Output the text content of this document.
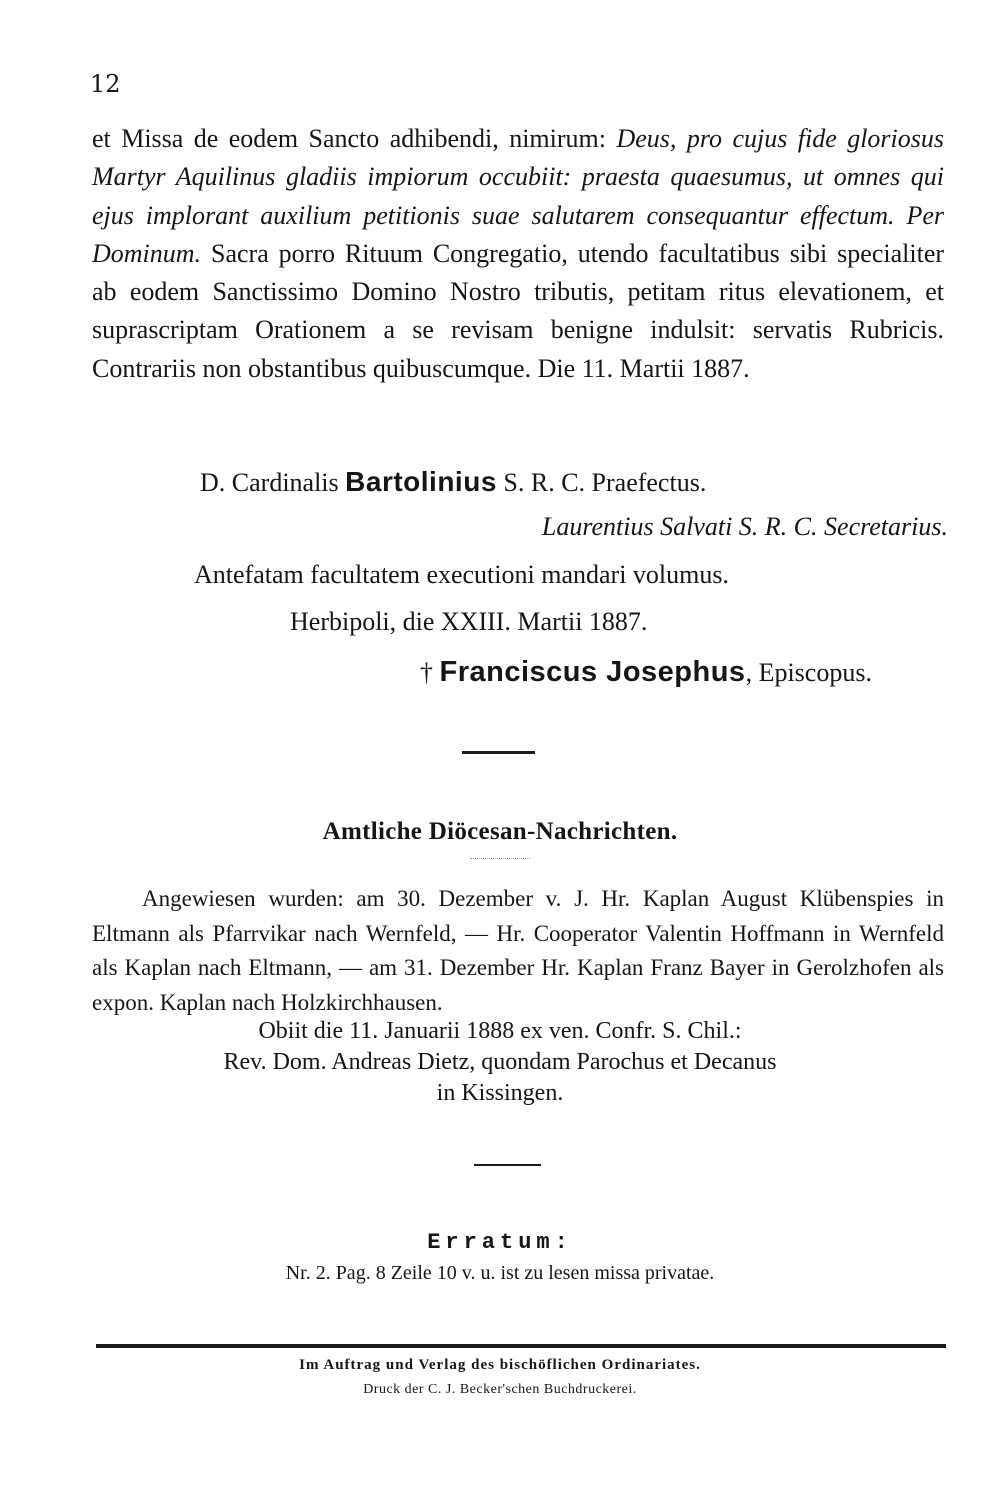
12
et Missa de eodem Sancto adhibendi, nimirum: Deus, pro cujus fide gloriosus Martyr Aquilinus gladiis impiorum occubiit: praesta quaesumus, ut omnes qui ejus implorant auxilium petitionis suae salutarem consequantur effectum. Per Dominum. Sacra porro Rituum Congregatio, utendo facultatibus sibi specialiter ab eodem Sanctissimo Domino Nostro tributis, petitam ritus elevationem, et suprascriptam Orationem a se revisam benigne indulsit: servatis Rubricis. Contrariis non obstantibus quibuscumque. Die 11. Martii 1887.
D. Cardinalis Bartolinius S. R. C. Praefectus.
Laurentius Salvati S. R. C. Secretarius.
Antefatam facultatem executioni mandari volumus.
Herbipoli, die XXIII. Martii 1887.
† Franciscus Josephus, Episcopus.
Amtliche Diöcesan-Nachrichten.
Angewiesen wurden: am 30. Dezember v. J. Hr. Kaplan August Klübenspies in Eltmann als Pfarrvikar nach Wernfeld, — Hr. Cooperator Valentin Hoffmann in Wernfeld als Kaplan nach Eltmann, — am 31. Dezember Hr. Kaplan Franz Bayer in Gerolzhofen als expon. Kaplan nach Holzkirchhausen.
Obiit die 11. Januarii 1888 ex ven. Confr. S. Chil.:
Rev. Dom. Andreas Dietz, quondam Parochus et Decanus
in Kissingen.
Erratum:
Nr. 2. Pag. 8 Zeile 10 v. u. ist zu lesen missa privatae.
Im Auftrag und Verlag des bischöflichen Ordinariates.
Druck der C. J. Becker'schen Buchdruckerei.
